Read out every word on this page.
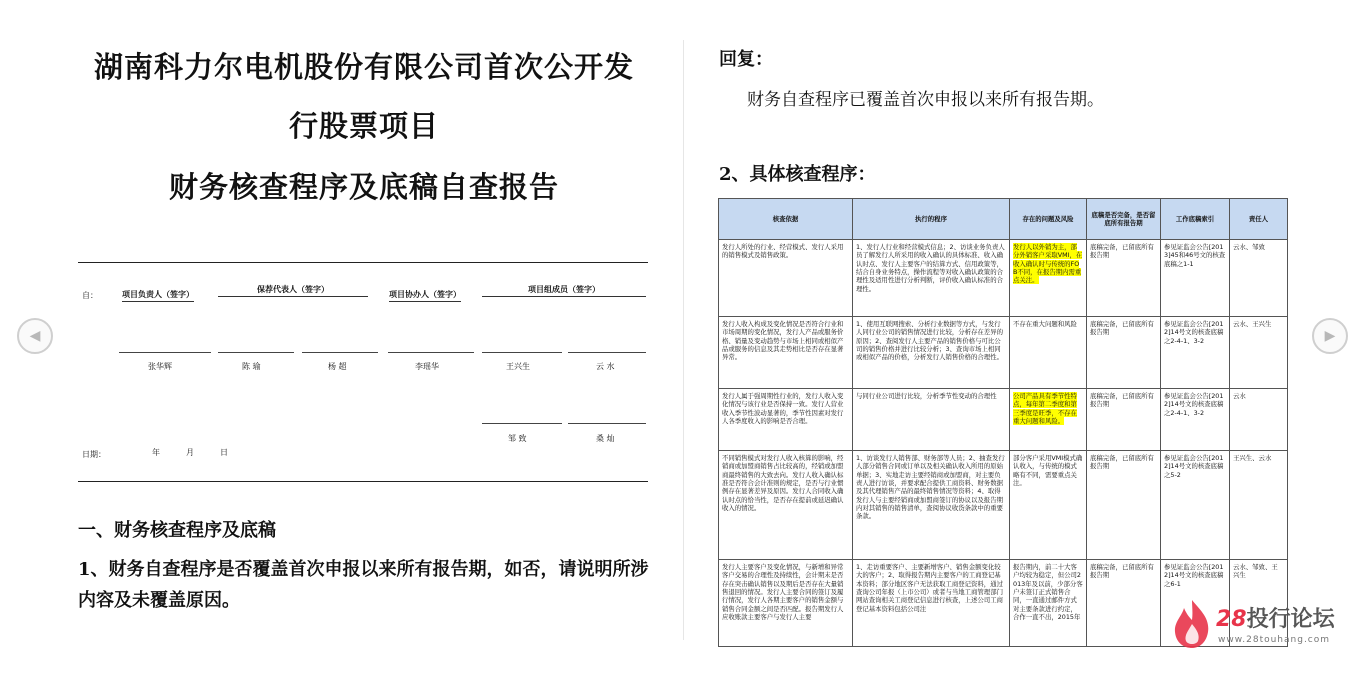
◀	▶
湖南科力尔电机股份有限公司首次公开发
行股票项目
财务核查程序及底稿自查报告
自：	项目负责人（签字）
保荐代表人（签字）
项目协办人（签字）
项目组成员（签字）
张华辉	陈 瑜	杨 超	李瑶华	王兴生	云 水
邹 致	桑 灿
日期：	年	月	日
一、财务核查程序及底稿
1、财务自查程序是否覆盖首次申报以来所有报告期，如否，请说明所涉内容及未覆盖原因。
回复：
财务自查程序已覆盖首次申报以来所有报告期。
2、具体核查程序：
核查依据	执行的程序	存在的问题及风险	底稿是否完备，是否留底所有报告期	工作底稿索引	责任人
发行人所处的行业、经营模式、发行人采用的销售模式及销售政策。	1、发行人行业和经营模式信息；2、访谈业务负责人员了解发行人所采用的收入确认的具体标准、收入确认时点、发行人主要客户的结算方式、信用政策等，结合自身业务特点，操作流程等对收入确认政策的合理性及适用性进行分析判断，评价收入确认标准的合理性。	发行人以外销为主，部分外销客户采取VMI，在收入确认时与传统的FOB不同，在报告期内需重点关注。	底稿完备，已留底所有报告期	参见证监会公告[2013]45和46号文的核查底稿之1-1	云水、邹致
发行人收入构成及变化情况是否符合行业和市场周期的变化情况，发行人产品或服务价格、销量及变动趋势与市场上相同或相似产品或服务的信息及其走势相比是否存在显著异常。	1、使用互联网搜索、分析行业数据等方式，与发行人同行业公司的销售情况进行比较，分析存在差异的原因；2、查阅发行人主要产品的销售价格与可比公司的销售价格并进行比较分析；3、查询市场上相同或相似产品的价格，分析发行人销售价格的合理性。	不存在重大问题和风险	底稿完备，已留底所有报告期	参见证监会公告[2012]14号文的核查底稿之2-4-1、3-2	云水、王兴生
发行人属于强周期性行业的，发行人收入变化情况与该行业是否保持一致。发行人营业收入季节性波动显著的，季节性因素对发行人各季度收入的影响是否合理。	与同行业公司进行比较，分析季节性变动的合理性	公司产品具有季节性特点，每年第二季度和第三季度是旺季，不存在重大问题和风险。	底稿完备，已留底所有报告期	参见证监会公告[2012]14号文的核查底稿之2-4-1、3-2	云水
不同销售模式对发行人收入核算的影响，经销商或加盟商销售占比较高的，经销或加盟商最终销售的大致去向。发行人收入确认标准是否符合会计准则的规定，是否与行业惯例存在显著差异及原因。发行人合同收入确认时点的恰当性，是否存在提前或延迟确认收入的情况。	1、访谈发行人销售部、财务部等人员；2、抽查发行人部分销售合同或订单以及相关确认收入所用的原始单据；3、实地走访主要经销商或加盟商，对主要负责人进行访谈，并要求配合提供工商资料、财务数据及其代理销售产品的最终销售情况等资料；4、取得发行人与主要经销商或加盟商签订的协议以及报告期内对其销售的销售清单，查阅协议收货条款中的重要条款。	部分客户采用VMI模式确认收入，与传统的模式略有不同，需要重点关注。	底稿完备，已留底所有报告期	参见证监会公告[2012]14号文的核查底稿之5-2	王兴生、云水
发行人主要客户及变化情况，与新增和异常客户交易的合理性及持续性，会计期末是否存在突击确认销售以及期后是否存在大量销售退回的情况。发行人主要合同的签订及履行情况，发行人各期主要客户的销售金额与销售合同金额之间是否匹配。报告期发行人应收账款主要客户与发行人主要	1、走访重要客户、主要新增客户、销售金额变化较大的客户；2、取得报告期内主要客户的工商登记基本资料；部分地区客户无法获取工商登记资料，通过查询公司年报（上市公司）或者与当地工商管理部门网站查询相关工商登记信息进行核查，上述公司工商登记基本资料包括公司注	报告期内，前二十大客户均较为稳定，但公司2013年及以前，少部分客户未签订正式销售合同，一直通过邮件方式对主要条款进行约定，合作一直不出，2015年	底稿完备，已留底所有报告期	参见证监会公告[2012]14号文的核查底稿之6-1	云水、邹致、王兴生
28投行论坛
www.28touhang.com
